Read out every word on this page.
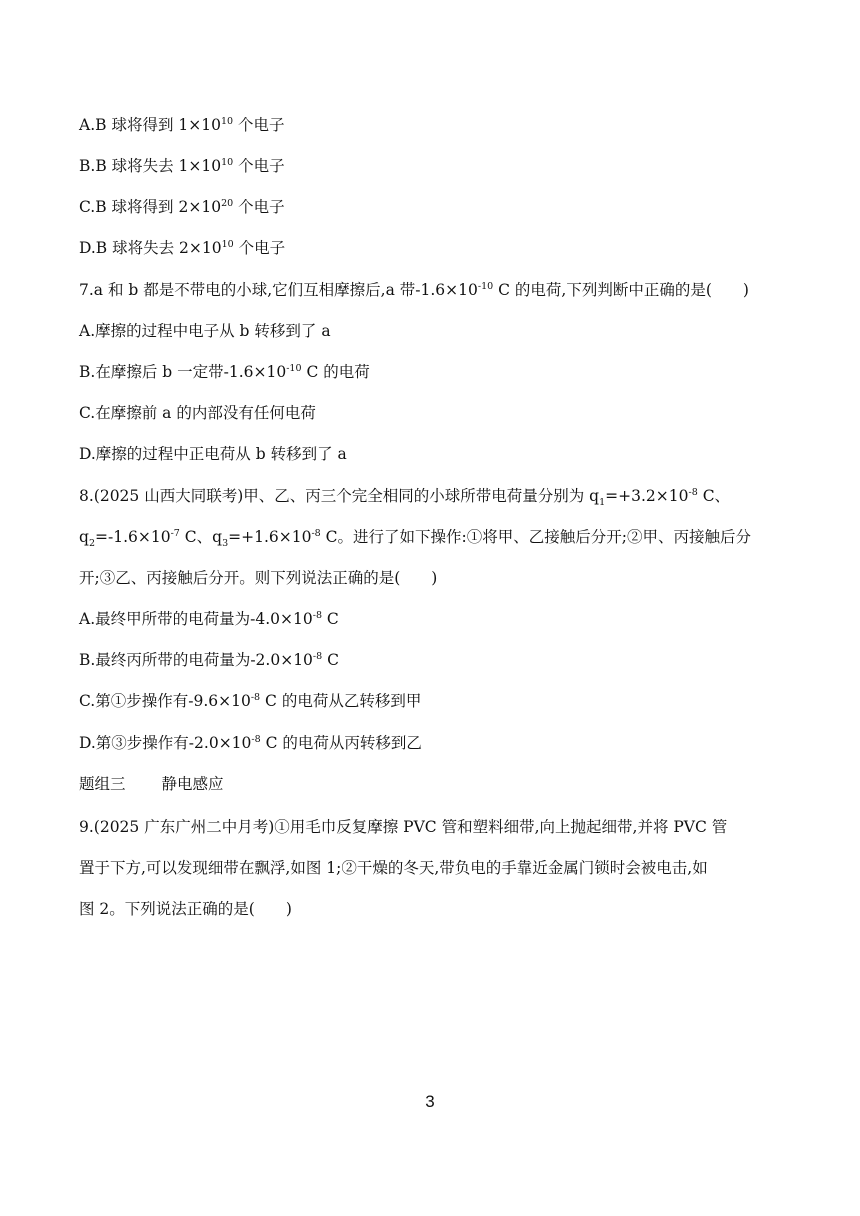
A.B 球将得到 $1\times 10^{10}$ 个电子
B.B 球将失去 $1\times 10^{10}$ 个电子
C.B 球将得到 $2\times 10^{20}$ 个电子
D.B 球将失去 $2\times 10^{10}$ 个电子
7.a 和 b 都是不带电的小球,它们互相摩擦后,a 带$-1.6\times 10^{-10}$ C 的电荷,下列判断中正确的是(　　)
A.摩擦的过程中电子从 b 转移到了 a
B.在摩擦后 b 一定带$-1.6\times 10^{-10}$ C 的电荷
C.在摩擦前 a 的内部没有任何电荷
D.摩擦的过程中正电荷从 b 转移到了 a
8.(2025 山西大同联考)甲、乙、丙三个完全相同的小球所带电荷量分别为 $q_1=+3.2\times 10^{-8}$ C、
$q_2=-1.6\times 10^{-7}$ C、$q_3=+1.6\times 10^{-8}$ C。进行了如下操作:①将甲、乙接触后分开;②甲、丙接触后分
开;③乙、丙接触后分开。则下列说法正确的是(　　)
A.最终甲所带的电荷量为$-4.0\times 10^{-8}$ C
B.最终丙所带的电荷量为$-2.0\times 10^{-8}$ C
C.第①步操作有$-9.6\times 10^{-8}$ C 的电荷从乙转移到甲
D.第③步操作有$-2.0\times 10^{-8}$ C 的电荷从丙转移到乙
题组三 静电感应
9.(2025 广东广州二中月考)①用毛巾反复摩擦 PVC 管和塑料细带,向上抛起细带,并将 PVC 管
置于下方,可以发现细带在飘浮,如图 1;②干燥的冬天,带负电的手靠近金属门锁时会被电击,如
图 2。下列说法正确的是(　　)
3
